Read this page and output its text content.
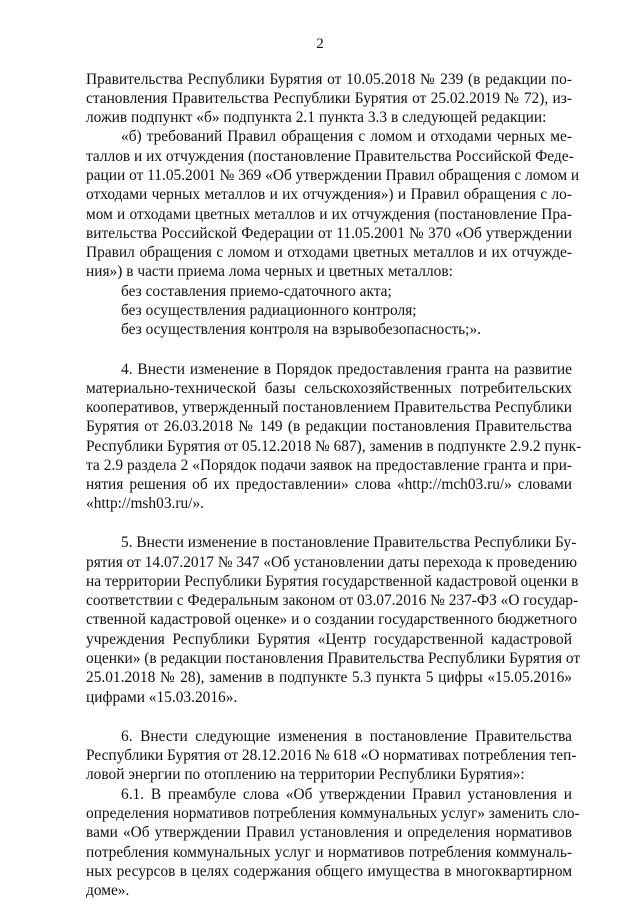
2
Правительства Республики Бурятия от 10.05.2018 № 239 (в редакции по-
становления Правительства Республики Бурятия от 25.02.2019 № 72), из-
ложив подпункт «б» подпункта 2.1 пункта 3.3 в следующей редакции:
«б) требований Правил обращения с ломом и отходами черных ме-
таллов и их отчуждения (постановление Правительства Российской Феде-
рации от 11.05.2001 № 369 «Об утверждении Правил обращения с ломом и
отходами черных металлов и их отчуждения») и Правил обращения с ло-
мом и отходами цветных металлов и их отчуждения (постановление Пра-
вительства Российской Федерации от 11.05.2001 № 370 «Об утверждении
Правил обращения с ломом и отходами цветных металлов и их отчужде-
ния») в части приема лома черных и цветных металлов:
без составления приемо-сдаточного акта;
без осуществления радиационного контроля;
без осуществления контроля на взрывобезопасность;».
4. Внести изменение в Порядок предоставления гранта на развитие
материально-технической базы сельскохозяйственных потребительских
кооперативов, утвержденный постановлением Правительства Республики
Бурятия от 26.03.2018 № 149 (в редакции постановления Правительства
Республики Бурятия от 05.12.2018 № 687), заменив в подпункте 2.9.2 пунк-
та 2.9 раздела 2 «Порядок подачи заявок на предоставление гранта и при-
нятия решения об их предоставлении» слова «http://mch03.ru/» словами
«http://msh03.ru/».
5. Внести изменение в постановление Правительства Республики Бу-
рятия от 14.07.2017 № 347 «Об установлении даты перехода к проведению
на территории Республики Бурятия государственной кадастровой оценки в
соответствии с Федеральным законом от 03.07.2016 № 237-ФЗ «О государ-
ственной кадастровой оценке» и о создании государственного бюджетного
учреждения Республики Бурятия «Центр государственной кадастровой
оценки» (в редакции постановления Правительства Республики Бурятия от
25.01.2018 № 28), заменив в подпункте 5.3 пункта 5 цифры «15.05.2016»
цифрами «15.03.2016».
6. Внести следующие изменения в постановление Правительства
Республики Бурятия от 28.12.2016 № 618 «О нормативах потребления теп-
ловой энергии по отоплению на территории Республики Бурятия»:
6.1. В преамбуле слова «Об утверждении Правил установления и
определения нормативов потребления коммунальных услуг» заменить сло-
вами «Об утверждении Правил установления и определения нормативов
потребления коммунальных услуг и нормативов потребления коммуналь-
ных ресурсов в целях содержания общего имущества в многоквартирном
доме».
